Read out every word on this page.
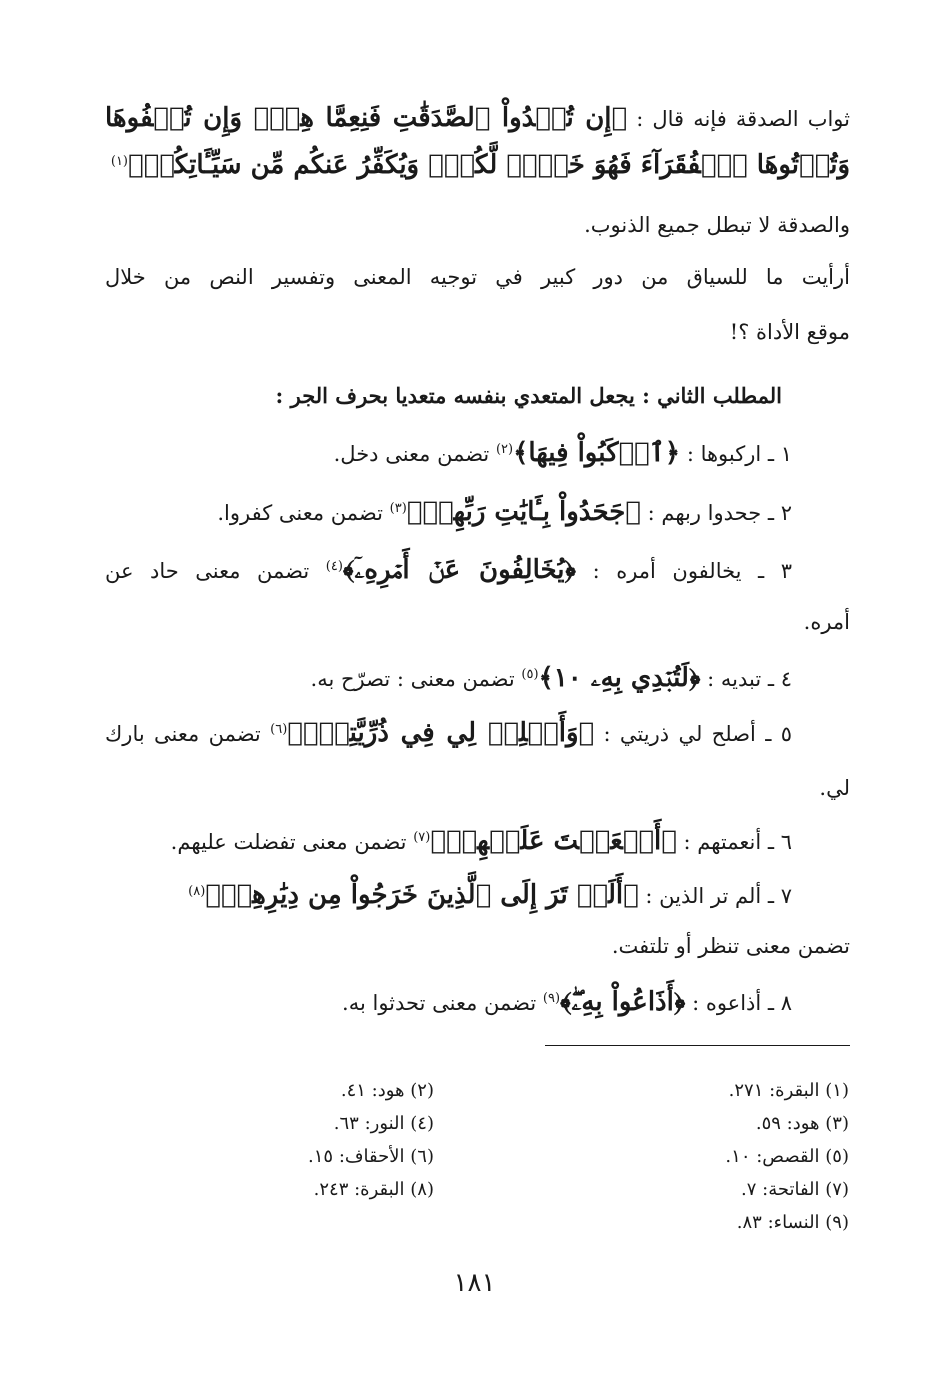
ثواب الصدقة فإنه قال : ﴿إِن تُبۡدُواْ ٱلصَّدَقَٰتِ فَنِعِمَّا هِيَۖ وَإِن تُخۡفُوهَا
وَتُؤۡتُوهَا ٱلۡفُقَرَآءَ فَهُوَ خَيۡرٞ لَّكُمۡۚ وَيُكَفِّرُ عَنكُم مِّن سَيِّـَٔاتِكُمۡ﴾$^{(١)}$
والصدقة لا تبطل جميع الذنوب.
أرأيت ما للسياق من دور كبير في توجيه المعنى وتفسير النص من خلال
موقع الأداة ؟!
المطلب الثاني : يجعل المتعدي بنفسه متعديا بحرف الجر :
١ ـ اركبوها : ﴿ٱرۡكَبُواْ فِيهَا﴾$^{(٢)}$ تضمن معنى دخل.
٢ ـ جحدوا ربهم : ﴿جَحَدُواْ بِـَٔايَٰتِ رَبِّهِمۡ﴾$^{(٣)}$ تضمن معنى كفروا.
٣ ـ يخالفون أمره : ﴿يُخَالِفُونَ عَنۡ أَمۡرِهِۦٓ﴾$^{(٤)}$ تضمن معنى حاد عن
أمره.
٤ ـ تبديه : ﴿لَتُبۡدِي بِهِۦ ١٠﴾$^{(٥)}$ تضمن معنى : تصرّح به.
٥ ـ أصلح لي ذريتي : ﴿وَأَصۡلِحۡ لِي فِي ذُرِّيَّتِيٓۖ﴾$^{(٦)}$ تضمن معنى بارك
لي.
٦ ـ أنعمتهم : ﴿أَنۡعَمۡتَ عَلَيۡهِمۡ﴾$^{(٧)}$ تضمن معنى تفضلت عليهم.
٧ ـ ألم تر الذين : ﴿أَلَمۡ تَرَ إِلَى ٱلَّذِينَ خَرَجُواْ مِن دِيَٰرِهِمۡ﴾$^{(٨)}$
تضمن معنى تنظر أو تلتفت.
٨ ـ أذاعوه : ﴿أَذَاعُواْ بِهِۦۖ﴾$^{(٩)}$ تضمن معنى تحدثوا به.
(١) البقرة: ٢٧١.
(٣) هود: ٥٩.
(٥) القصص: ١٠.
(٧) الفاتحة: ٧.
(٩) النساء: ٨٣.
(٢) هود: ٤١.
(٤) النور: ٦٣.
(٦) الأحقاف: ١٥.
(٨) البقرة: ٢٤٣.
١٨١
